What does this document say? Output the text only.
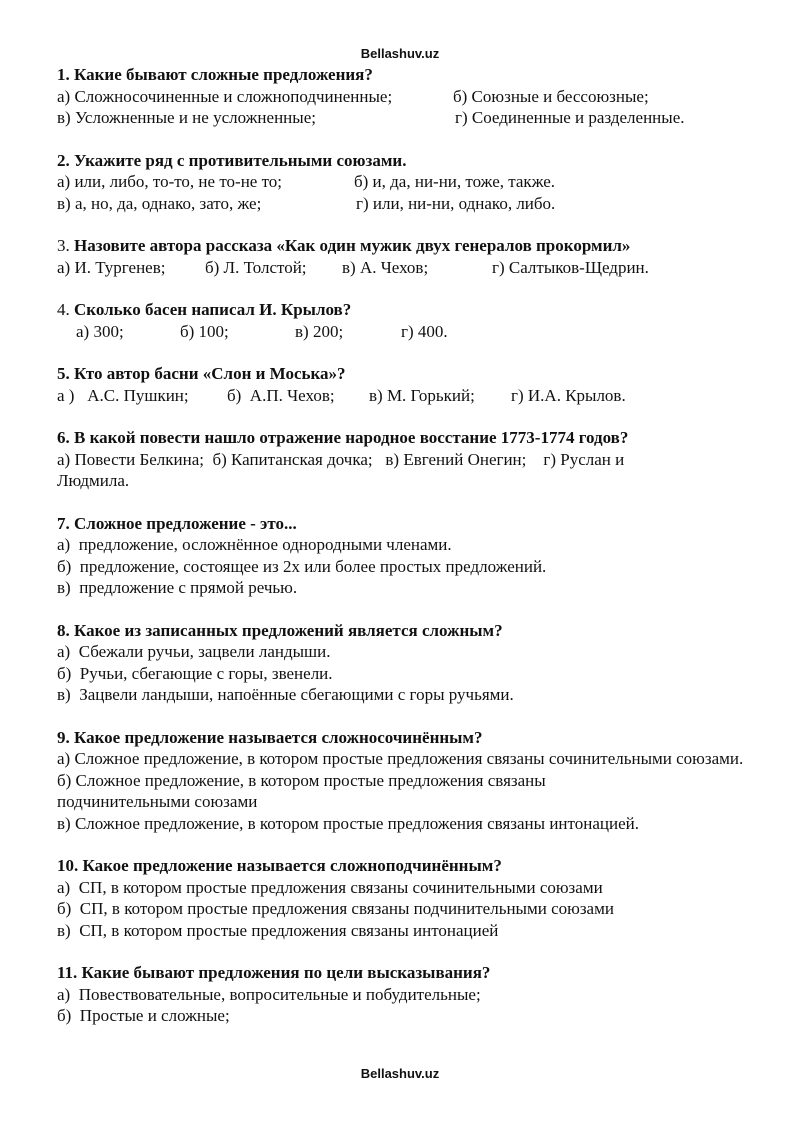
Bellashuv.uz
1. Какие бывают сложные предложения?
а) Сложносочиненные и сложноподчиненные;	б) Союзные и бессоюзные;
в) Усложненные и не усложненные;	г) Соединенные и разделенные.
2. Укажите ряд с противительными союзами.
а) или, либо, то-то, не то-не то;	б) и, да, ни-ни, тоже, также.
в) а, но, да, однако, зато, же;	г) или, ни-ни, однако, либо.
3. Назовите автора рассказа «Как один мужик двух генералов прокормил»
а) И. Тургенев;	б) Л. Толстой;	в) А. Чехов;	г) Салтыков-Щедрин.
4. Сколько басен написал И. Крылов?
а) 300;	б) 100;	в) 200;	г) 400.
5. Кто автор басни «Слон и Моська»?
а )   А.С. Пушкин;	б)  А.П. Чехов;	в) М. Горький;	г) И.А. Крылов.
6. В какой повести нашло отражение народное восстание 1773-1774 годов?
а) Повести Белкина;  б) Капитанская дочка;   в) Евгений Онегин;    г) Руслан и Людмила.
7. Сложное предложение - это...
а)  предложение, осложнённое однородными членами.
б)  предложение, состоящее из 2х или более простых предложений.
в)  предложение с прямой речью.
8. Какое из записанных предложений является сложным?
а)  Сбежали ручьи, зацвели ландыши.
б)  Ручьи, сбегающие с горы, звенели.
в)  Зацвели ландыши, напоённые сбегающими с горы ручьями.
9. Какое предложение называется сложносочинённым?
а) Сложное предложение, в котором простые предложения связаны сочинительными союзами.
б) Сложное предложение, в котором простые предложения связаны подчинительными союзами
в) Сложное предложение, в котором простые предложения связаны интонацией.
10. Какое предложение называется сложноподчинённым?
а)  СП, в котором простые предложения связаны сочинительными союзами
б)  СП, в котором простые предложения связаны подчинительными союзами
в)  СП, в котором простые предложения связаны интонацией
11. Какие бывают предложения по цели высказывания?
а)  Повествовательные, вопросительные и побудительные;
б)  Простые и сложные;
Bellashuv.uz
